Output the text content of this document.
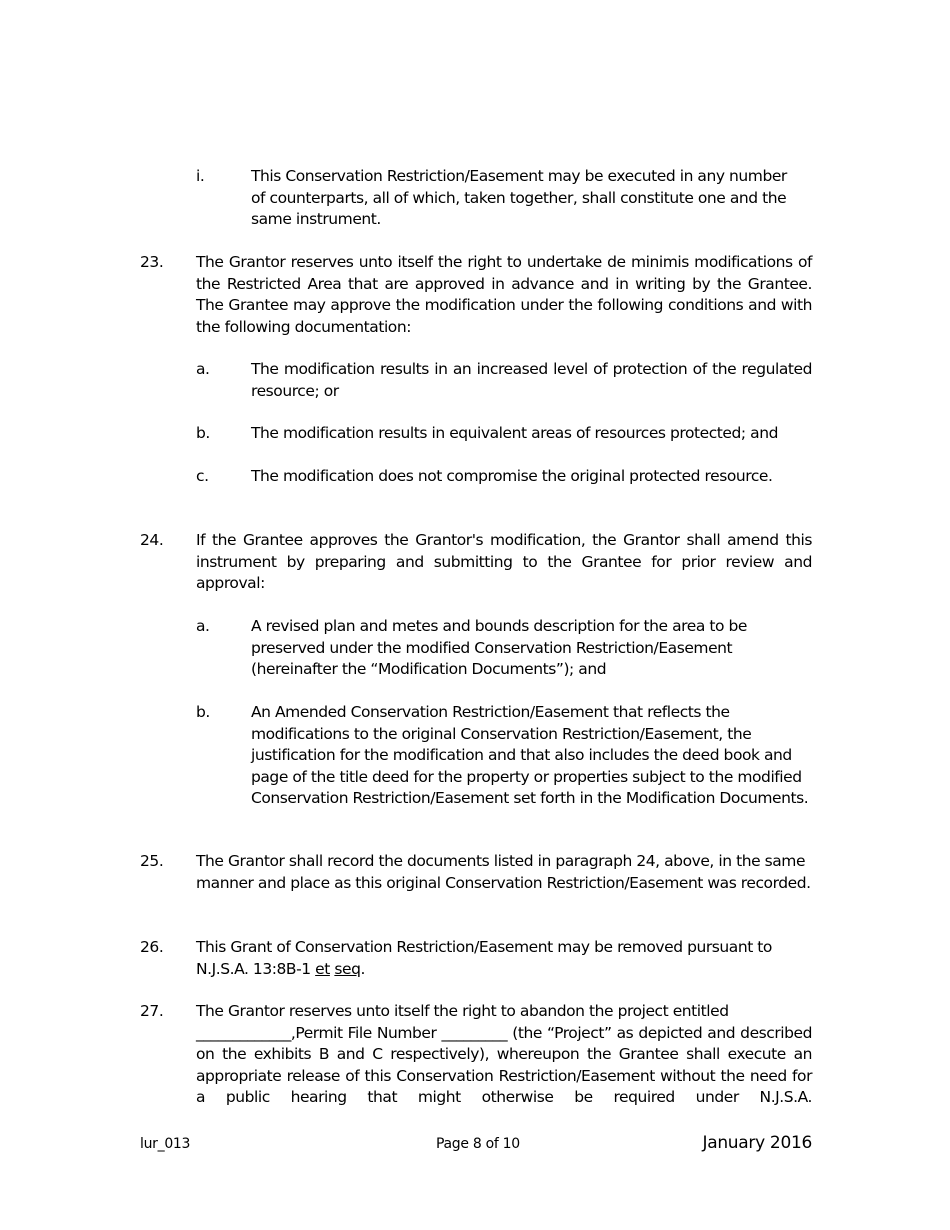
i.	This Conservation Restriction/Easement may be executed in any number of counterparts, all of which, taken together, shall constitute one and the same instrument.
23. The Grantor reserves unto itself the right to undertake de minimis modifications of the Restricted Area that are approved in advance and in writing by the Grantee. The Grantee may approve the modification under the following conditions and with the following documentation:
a.	The modification results in an increased level of protection of the regulated resource; or
b.	The modification results in equivalent areas of resources protected; and
c.	The modification does not compromise the original protected resource.
24. If the Grantee approves the Grantor's modification, the Grantor shall amend this instrument by preparing and submitting to the Grantee for prior review and approval:
a.	A revised plan and metes and bounds description for the area to be preserved under the modified Conservation Restriction/Easement (hereinafter the “Modification Documents”); and
b.	An Amended Conservation Restriction/Easement that reflects the modifications to the original Conservation Restriction/Easement, the justification for the modification and that also includes the deed book and page of the title deed for the property or properties subject to the modified Conservation Restriction/Easement set forth in the Modification Documents.
25. The Grantor shall record the documents listed in paragraph 24, above, in the same manner and place as this original Conservation Restriction/Easement was recorded.
26. This Grant of Conservation Restriction/Easement may be removed pursuant to N.J.S.A. 13:8B-1 et seq.
27. The Grantor reserves unto itself the right to abandon the project entitled
_____________,Permit File Number _________ (the “Project” as depicted and described on the exhibits B and C respectively), whereupon the Grantee shall execute an appropriate release of this Conservation Restriction/Easement without the need for a public hearing that might otherwise be required under N.J.S.A.
lur_013	Page 8 of 10	January 2016
